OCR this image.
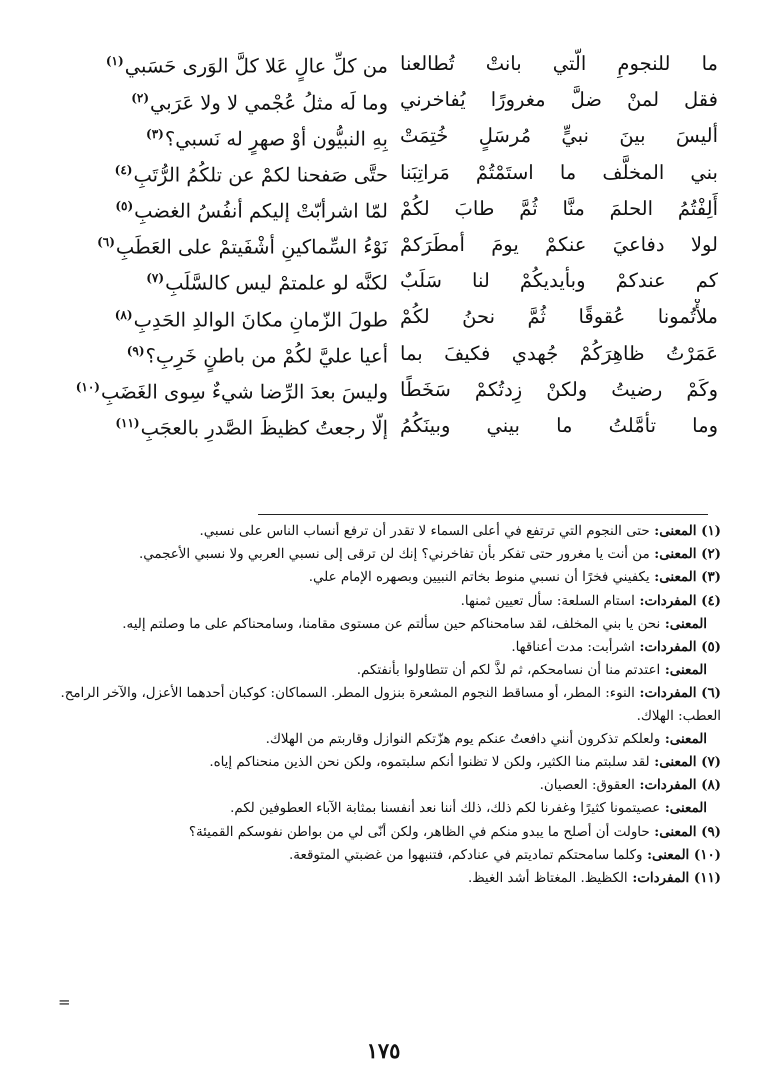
ما للنجومِ الّتي بانتْ تُطالعنا
من كلِّ عالٍ عَلا كلَّ الوَرى حَسَبي$^{(١)}$
فقل لمنْ ضلَّ مغرورًا يُفاخرني
وما لَه مثلُ عُجْمي لا ولا عَرَبي$^{(٢)}$
أليسَ بينَ نبيٍّ مُرسَلٍ خُتِمَتْ
بِهِ النبيُّون أوْ صهرٍ له نَسبي؟$^{(٣)}$
بني المخلَّف ما استَمْتُمْ مَراتِبَنا
حتَّى صَفحنا لكمْ عن تلكُمُ الرُّتَبِ$^{(٤)}$
أَلِفْتُمُ الحلمَ منَّا ثُمَّ طابَ لكُمْ
لمّا اشرأبّتْ إليكم أنفُسُ الغضبِ$^{(٥)}$
لولا دفاعيَ عنكمْ يومَ أمطَرَكمْ
نَوْءُ السِّماكينِ أشْفَيتمْ على العَطَبِ$^{(٦)}$
كم عندكمْ وبأيديكُمْ لنا سَلَبٌ
لكنَّه لو علمتمْ ليس كالسَّلَبِ$^{(٧)}$
ملأْتُمونا عُقوقًا ثُمَّ نحنُ لكُمْ
طولَ الزّمانِ مكانَ الوالدِ الحَدِبِ$^{(٨)}$
عَمَرْتُ ظاهِرَكُمْ جُهدي فكيفَ بما
أعيا عليَّ لكُمْ من باطنٍ خَرِبِ؟$^{(٩)}$
وكَمْ رضيتُ ولكنْ زِدتُكمْ سَخَطًا
وليسَ بعدَ الرِّضا شيءٌ سِوى الغَضَبِ$^{(١٠)}$
وما تأمَّلتُ ما بيني وبينَكُمُ
إلّا رجعتُ كظيظَ الصَّدرِ بالعجَبِ$^{(١١)}$
(١) المعنى: حتى النجوم التي ترتفع في أعلى السماء لا تقدر أن ترفع أنساب الناس على نسبي.
(٢) المعنى: من أنت يا مغرور حتى تفكر بأن تفاخرني؟ إنك لن ترقى إلى نسبي العربي ولا نسبي الأعجمي.
(٣) المعنى: يكفيني فخرًا أن نسبي منوط بخاتم النبيين وبصهره الإمام علي.
(٤) المفردات: استام السلعة: سأل تعيين ثمنها.
المعنى: نحن يا بني المخلف، لقد سامحناكم حين سألتم عن مستوى مقامنا، وسامحناكم على ما وصلتم إليه.
(٥) المفردات: اشرأبت: مدت أعناقها.
المعنى: اعتدتم منا أن نسامحكم، ثم لذَّ لكم أن تتطاولوا بأنفتكم.
(٦) المفردات: النوء: المطر، أو مساقط النجوم المشعرة بنزول المطر. السماكان: كوكبان أحدهما الأعزل، والآخر الرامح. العطب: الهلاك.
المعنى: ولعلكم تذكرون أنني دافعتُ عنكم يوم هزّتكم النوازل وقاربتم من الهلاك.
(٧) المعنى: لقد سلبتم منا الكثير، ولكن لا تظنوا أنكم سلبتموه، ولكن نحن الذين منحناكم إياه.
(٨) المفردات: العقوق: العصيان.
المعنى: عصيتمونا كثيرًا وغفرنا لكم ذلك، ذلك أننا نعد أنفسنا بمثابة الآباء العطوفين لكم.
(٩) المعنى: حاولت أن أصلح ما يبدو منكم في الظاهر، ولكن أنّى لي من بواطن نفوسكم القميئة؟
(١٠) المعنى: وكلما سامحتكم تماديتم في عنادكم، فتنبهوا من غضبتي المتوقعة.
(١١) المفردات: الكظيظ. المغتاظ أشد الغيظ.
=
١٧٥
